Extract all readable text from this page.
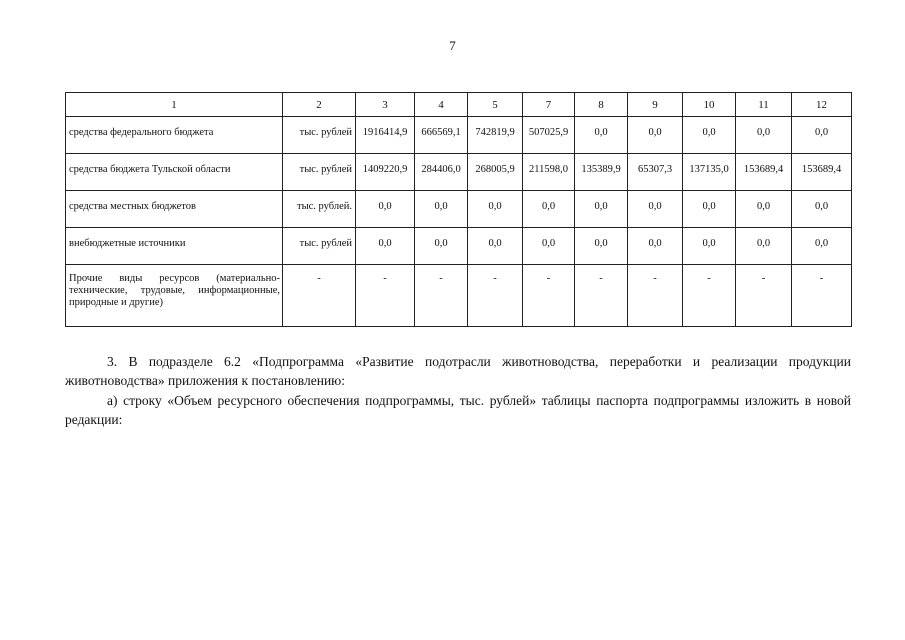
7
1	2	3	4	5	7	8	9	10	11	12
средства федерального бюджета	тыс. рублей	1916414,9	666569,1	742819,9	507025,9	0,0	0,0	0,0	0,0	0,0
средства бюджета Тульской области	тыс. рублей	1409220,9	284406,0	268005,9	211598,0	135389,9	65307,3	137135,0	153689,4	153689,4
средства местных бюджетов	тыс. рублей.	0,0	0,0	0,0	0,0	0,0	0,0	0,0	0,0	0,0
внебюджетные источники	тыс. рублей	0,0	0,0	0,0	0,0	0,0	0,0	0,0	0,0	0,0
Прочие виды ресурсов (материально-технические, трудовые, информационные, природные и другие)	-	-	-	-	-	-	-	-	-	-
3. В подразделе 6.2 «Подпрограмма «Развитие подотрасли животноводства, переработки и реализации продукции животноводства» приложения к постановлению:
а) строку «Объем ресурсного обеспечения подпрограммы, тыс. рублей» таблицы паспорта подпрограммы изложить в новой редакции:
